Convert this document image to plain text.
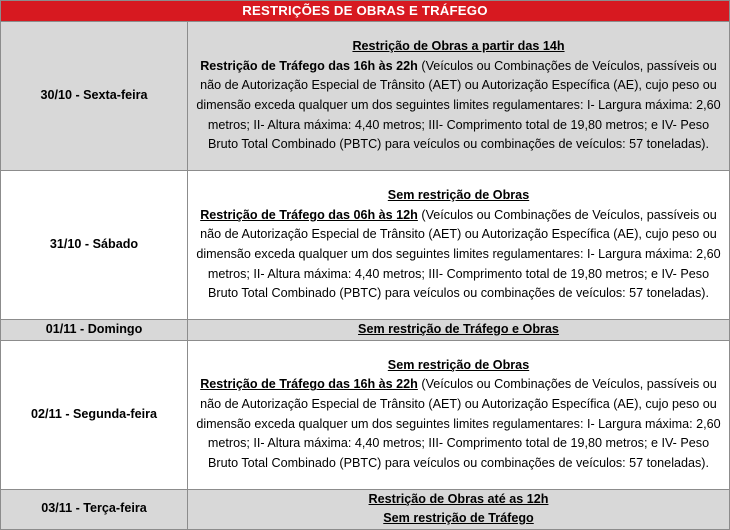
RESTRIÇÕES DE OBRAS E TRÁFEGO	
30/10 - Sexta-feira	Restrição de Obras a partir das 14h
Restrição de Tráfego das 16h às 22h (Veículos ou Combinações de Veículos, passíveis ou não de Autorização Especial de Trânsito (AET) ou Autorização Específica (AE), cujo peso ou dimensão exceda qualquer um dos seguintes limites regulamentares: I- Largura máxima: 2,60 metros; II- Altura máxima: 4,40 metros; III- Comprimento total de 19,80 metros; e IV- Peso Bruto Total Combinado (PBTC) para veículos ou combinações de veículos: 57 toneladas).

31/10 - Sábado	Sem restrição de Obras
Restrição de Tráfego das 06h às 12h (Veículos ou Combinações de Veículos, passíveis ou não de Autorização Especial de Trânsito (AET) ou Autorização Específica (AE), cujo peso ou dimensão exceda qualquer um dos seguintes limites regulamentares: I- Largura máxima: 2,60 metros; II- Altura máxima: 4,40 metros; III- Comprimento total de 19,80 metros; e IV- Peso Bruto Total Combinado (PBTC) para veículos ou combinações de veículos: 57 toneladas).

01/11 - Domingo	Sem restrição de Tráfego e Obras

02/11 - Segunda-feira	Sem restrição de Obras
Restrição de Tráfego das 16h às 22h (Veículos ou Combinações de Veículos, passíveis ou não de Autorização Especial de Trânsito (AET) ou Autorização Específica (AE), cujo peso ou dimensão exceda qualquer um dos seguintes limites regulamentares: I- Largura máxima: 2,60 metros; II- Altura máxima: 4,40 metros; III- Comprimento total de 19,80 metros; e IV- Peso Bruto Total Combinado (PBTC) para veículos ou combinações de veículos: 57 toneladas).

03/11 - Terça-feira	Restrição de Obras até as 12h
Sem restrição de Tráfego
